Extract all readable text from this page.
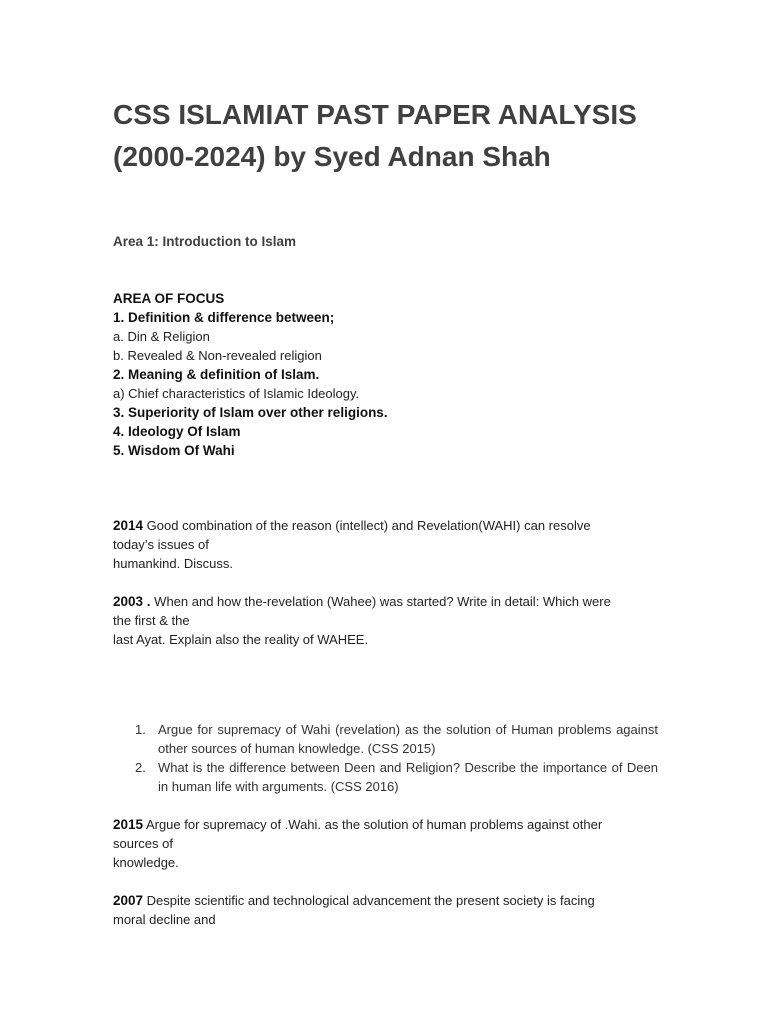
CSS ISLAMIAT PAST PAPER ANALYSIS (2000-2024) by Syed Adnan Shah
Area 1: Introduction to Islam
AREA OF FOCUS
1. Definition & difference between;
a. Din & Religion
b. Revealed & Non-revealed religion
2. Meaning & definition of Islam.
a) Chief characteristics of Islamic Ideology.
3. Superiority of Islam over other religions.
4. Ideology Of Islam
5. Wisdom Of Wahi
2014 Good combination of the reason (intellect) and Revelation(WAHI) can resolve
today’s issues of
humankind. Discuss.
2003 . When and how the-revelation (Wahee) was started? Write in detail: Which were
the first & the
last Ayat. Explain also the reality of WAHEE.
1. Argue for supremacy of Wahi (revelation) as the solution of Human problems against other sources of human knowledge. (CSS 2015)
2. What is the difference between Deen and Religion? Describe the importance of Deen in human life with arguments. (CSS 2016)
2015 Argue for supremacy of .Wahi. as the solution of human problems against other
sources of
knowledge.
2007 Despite scientific and technological advancement the present society is facing
moral decline and
